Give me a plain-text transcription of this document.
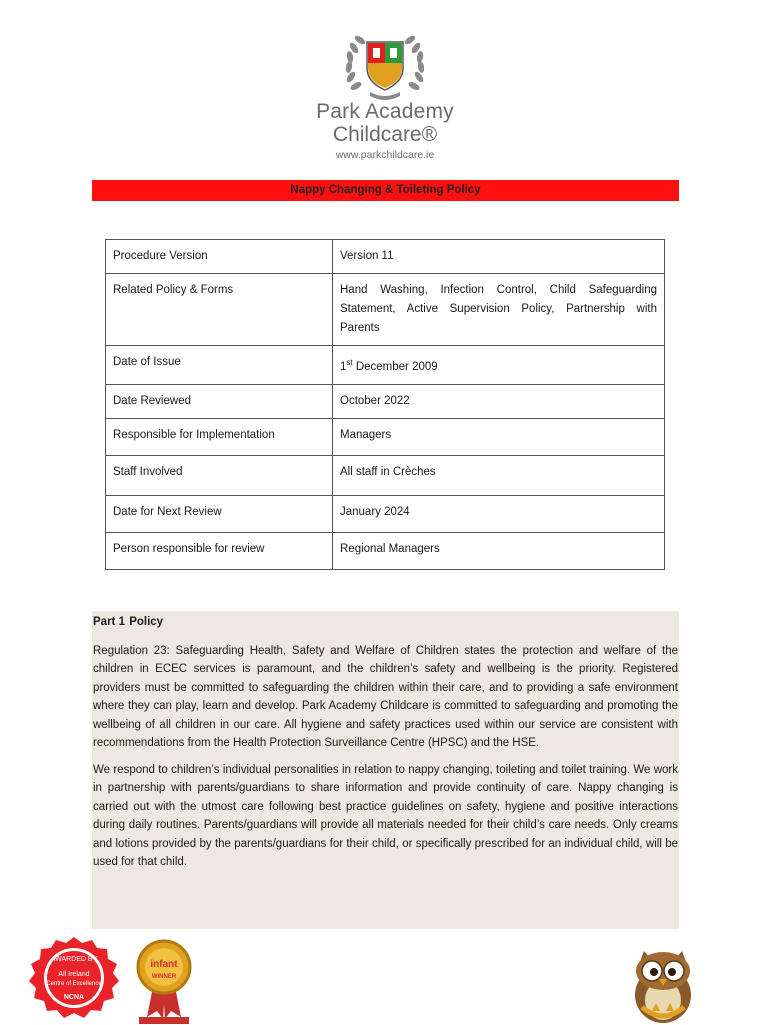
Park Academy
Childcare®
www.parkchildcare.ie
Nappy Changing & Toileting Policy
Procedure Version	Version 11
Related Policy & Forms	Hand Washing, Infection Control, Child Safeguarding Statement, Active Supervision Policy, Partnership with Parents
Date of Issue	1st December 2009
Date Reviewed	October 2022
Responsible for Implementation	Managers
Staff Involved	All staff in Crèches
Date for Next Review	January 2024
Person responsible for review	Regional Managers
Part 1 Policy

Regulation 23: Safeguarding Health, Safety and Welfare of Children states the protection and welfare of the children in ECEC services is paramount, and the children’s safety and wellbeing is the priority. Registered providers must be committed to safeguarding the children within their care, and to providing a safe environment where they can play, learn and develop. Park Academy Childcare is committed to safeguarding and promoting the wellbeing of all children in our care. All hygiene and safety practices used within our service are consistent with recommendations from the Health Protection Surveillance Centre (HPSC) and the HSE.

We respond to children’s individual personalities in relation to nappy changing, toileting and toilet training. We work in partnership with parents/guardians to share information and provide continuity of care. Nappy changing is carried out with the utmost care following best practice guidelines on safety, hygiene and positive interactions during daily routines. Parents/guardians will provide all materials needed for their child’s care needs. Only creams and lotions provided by the parents/guardians for their child, or specifically prescribed for an individual child, will be used for that child.

AWARDED BY
All Ireland
Centre of Excellence
NCNA
infant
WINNER
